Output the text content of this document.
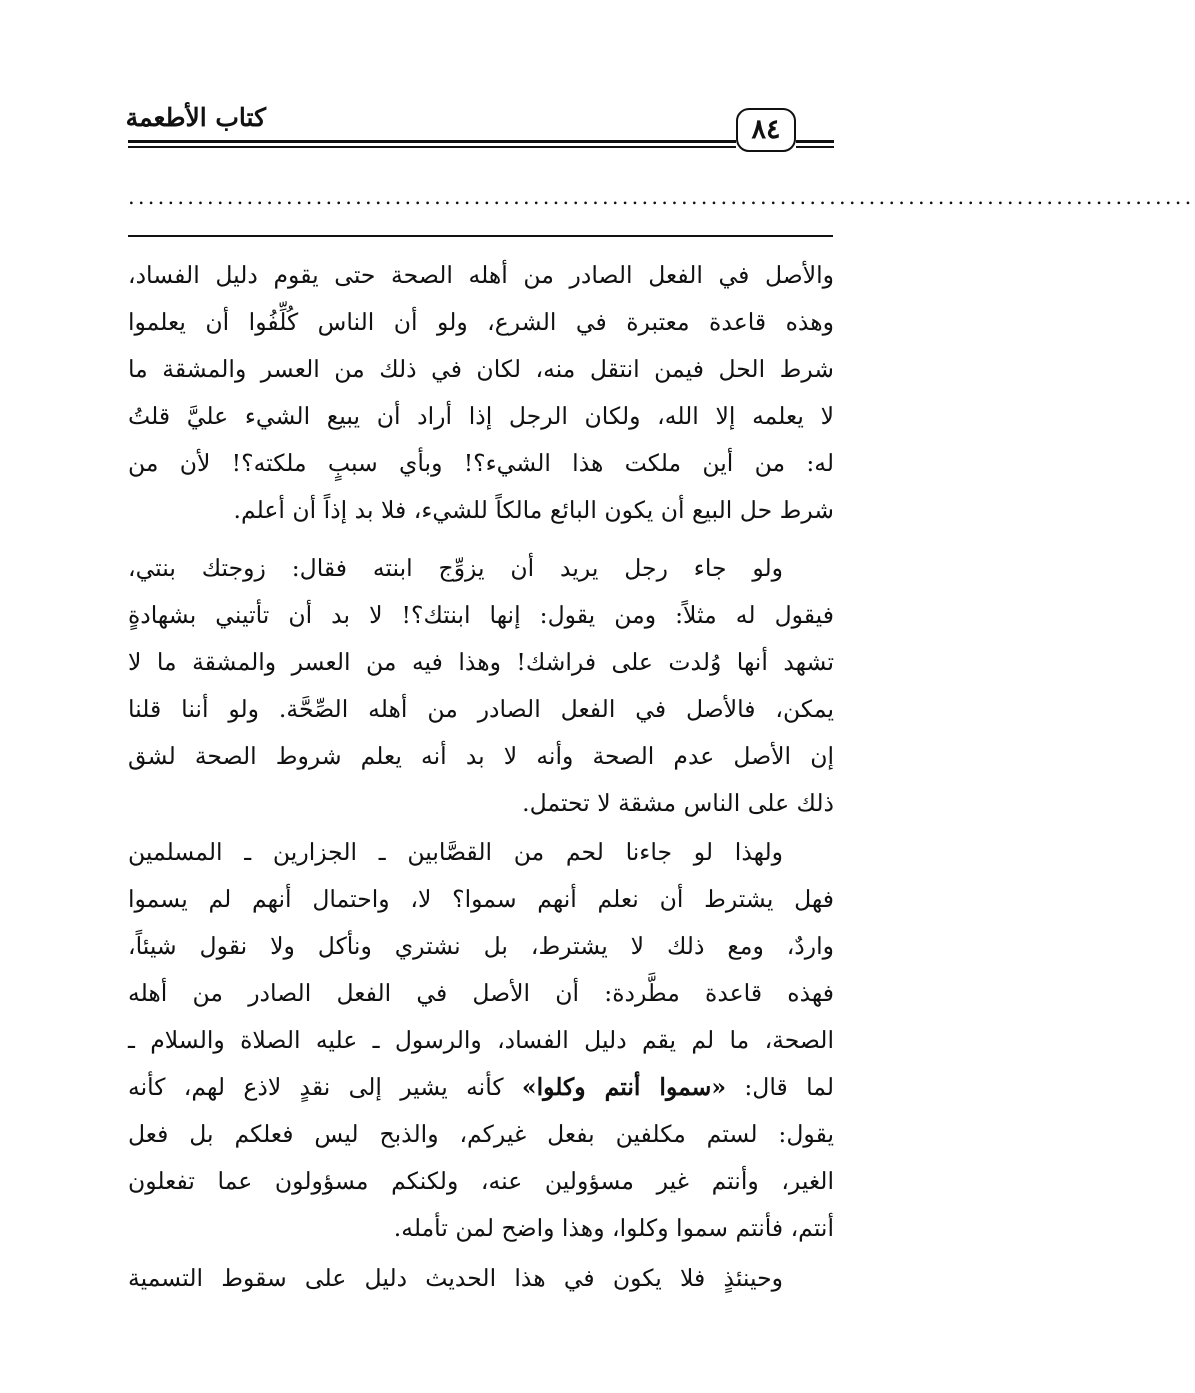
كتاب الأطعمة	٨٤
............................................................................................................
والأصل في الفعل الصادر من أهله الصحة حتى يقوم دليل الفساد،
وهذه قاعدة معتبرة في الشرع، ولو أن الناس كُلِّفُوا أن يعلموا
شرط الحل فيمن انتقل منه، لكان في ذلك من العسر والمشقة ما
لا يعلمه إلا الله، ولكان الرجل إذا أراد أن يبيع الشيء عليَّ قلتُ
له: من أين ملكت هذا الشيء؟! وبأي سببٍ ملكته؟! لأن من
شرط حل البيع أن يكون البائع مالكاً للشيء، فلا بد إذاً أن أعلم.
ولو جاء رجل يريد أن يزوِّج ابنته فقال: زوجتك بنتي،
فيقول له مثلاً: ومن يقول: إنها ابنتك؟! لا بد أن تأتيني بشهادةٍ
تشهد أنها وُلدت على فراشك! وهذا فيه من العسر والمشقة ما لا
يمكن، فالأصل في الفعل الصادر من أهله الصِّحَّة. ولو أننا قلنا
إن الأصل عدم الصحة وأنه لا بد أنه يعلم شروط الصحة لشق
ذلك على الناس مشقة لا تحتمل.
ولهذا لو جاءنا لحم من القصَّابين ـ الجزارين ـ المسلمين
فهل يشترط أن نعلم أنهم سموا؟ لا، واحتمال أنهم لم يسموا
واردٌ، ومع ذلك لا يشترط، بل نشتري ونأكل ولا نقول شيئاً،
فهذه قاعدة مطَّردة: أن الأصل في الفعل الصادر من أهله
الصحة، ما لم يقم دليل الفساد، والرسول ـ عليه الصلاة والسلام ـ
لما قال: «سموا أنتم وكلوا» كأنه يشير إلى نقدٍ لاذع لهم، كأنه
يقول: لستم مكلفين بفعل غيركم، والذبح ليس فعلكم بل فعل
الغير، وأنتم غير مسؤولين عنه، ولكنكم مسؤولون عما تفعلون
أنتم، فأنتم سموا وكلوا، وهذا واضح لمن تأمله.
وحينئذٍ فلا يكون في هذا الحديث دليل على سقوط التسمية
